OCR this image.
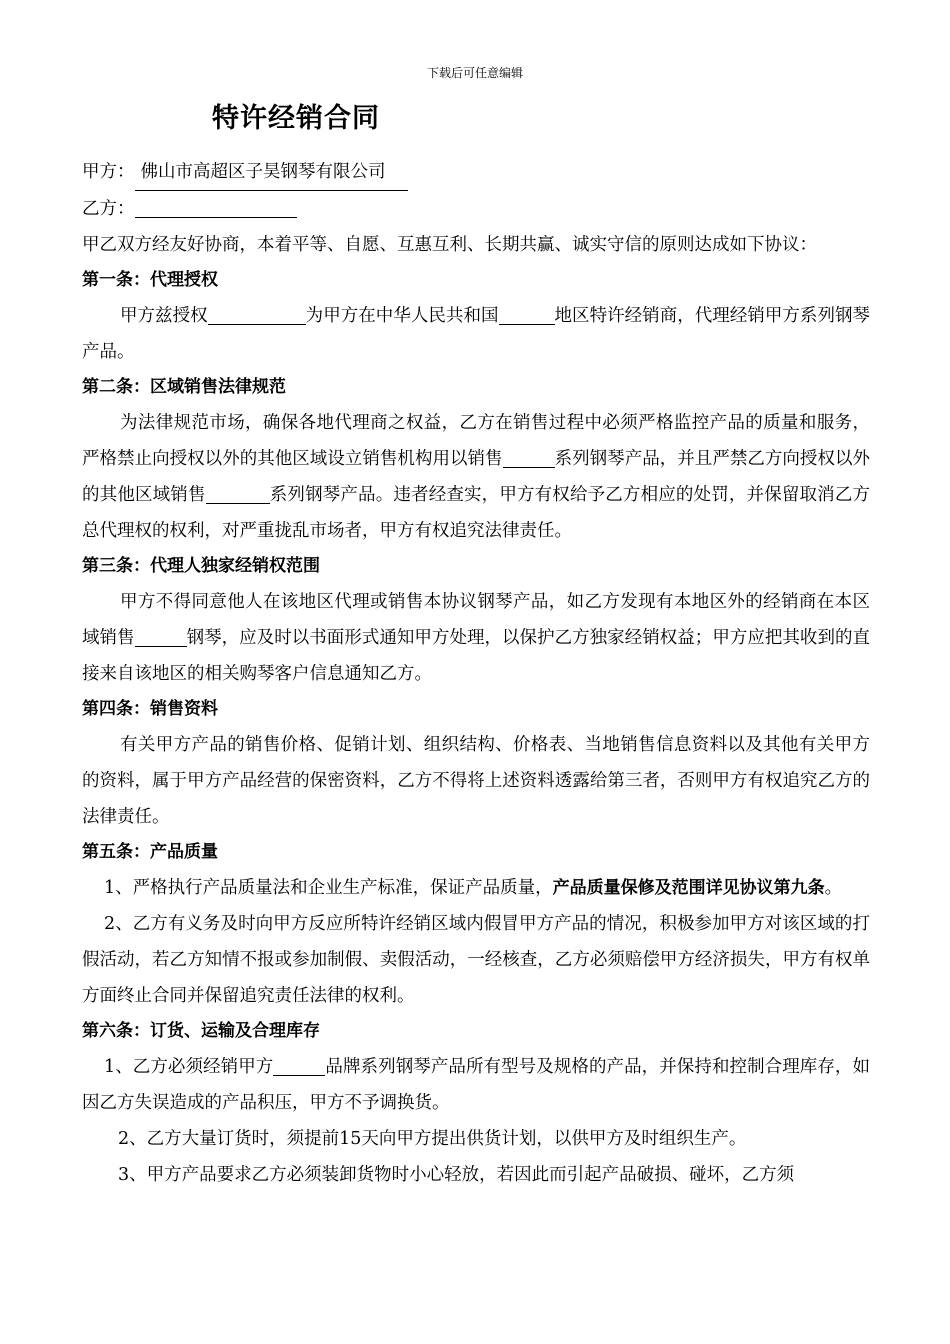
下载后可任意编辑
特许经销合同
甲方： 佛山市高超区子昊钢琴有限公司
乙方：
甲乙双方经友好协商，本着平等、自愿、互惠互利、长期共赢、诚实守信的原则达成如下协议：
第一条：代理授权
甲方兹授权	为甲方在中华人民共和国	地区特许经销商，代理经销甲方系列钢琴产品。
第二条：区域销售法律规范
为法律规范市场，确保各地代理商之权益，乙方在销售过程中必须严格监控产品的质量和服务，严格禁止向授权以外的其他区域设立销售机构用以销售	系列钢琴产品，并且严禁乙方向授权以外的其他区域销售	系列钢琴产品。违者经查实，甲方有权给予乙方相应的处罚，并保留取消乙方总代理权的权利，对严重拢乱市场者，甲方有权追究法律责任。
第三条：代理人独家经销权范围
甲方不得同意他人在该地区代理或销售本协议钢琴产品，如乙方发现有本地区外的经销商在本区域销售	钢琴，应及时以书面形式通知甲方处理，以保护乙方独家经销权益；甲方应把其收到的直接来自该地区的相关购琴客户信息通知乙方。
第四条：销售资料
有关甲方产品的销售价格、促销计划、组织结构、价格表、当地销售信息资料以及其他有关甲方的资料，属于甲方产品经营的保密资料，乙方不得将上述资料透露给第三者，否则甲方有权追究乙方的法律责任。
第五条：产品质量
1、严格执行产品质量法和企业生产标准，保证产品质量，产品质量保修及范围详见协议第九条。
2、乙方有义务及时向甲方反应所特许经销区域内假冒甲方产品的情况，积极参加甲方对该区域的打假活动，若乙方知情不报或参加制假、卖假活动，一经核查，乙方必须赔偿甲方经济损失，甲方有权单方面终止合同并保留追究责任法律的权利。
第六条：订货、运输及合理库存
1、乙方必须经销甲方	品牌系列钢琴产品所有型号及规格的产品，并保持和控制合理库存，如因乙方失误造成的产品积压，甲方不予调换货。
2、乙方大量订货时，须提前15天向甲方提出供货计划，以供甲方及时组织生产。
3、甲方产品要求乙方必须装卸货物时小心轻放，若因此而引起产品破损、碰坏，乙方须
